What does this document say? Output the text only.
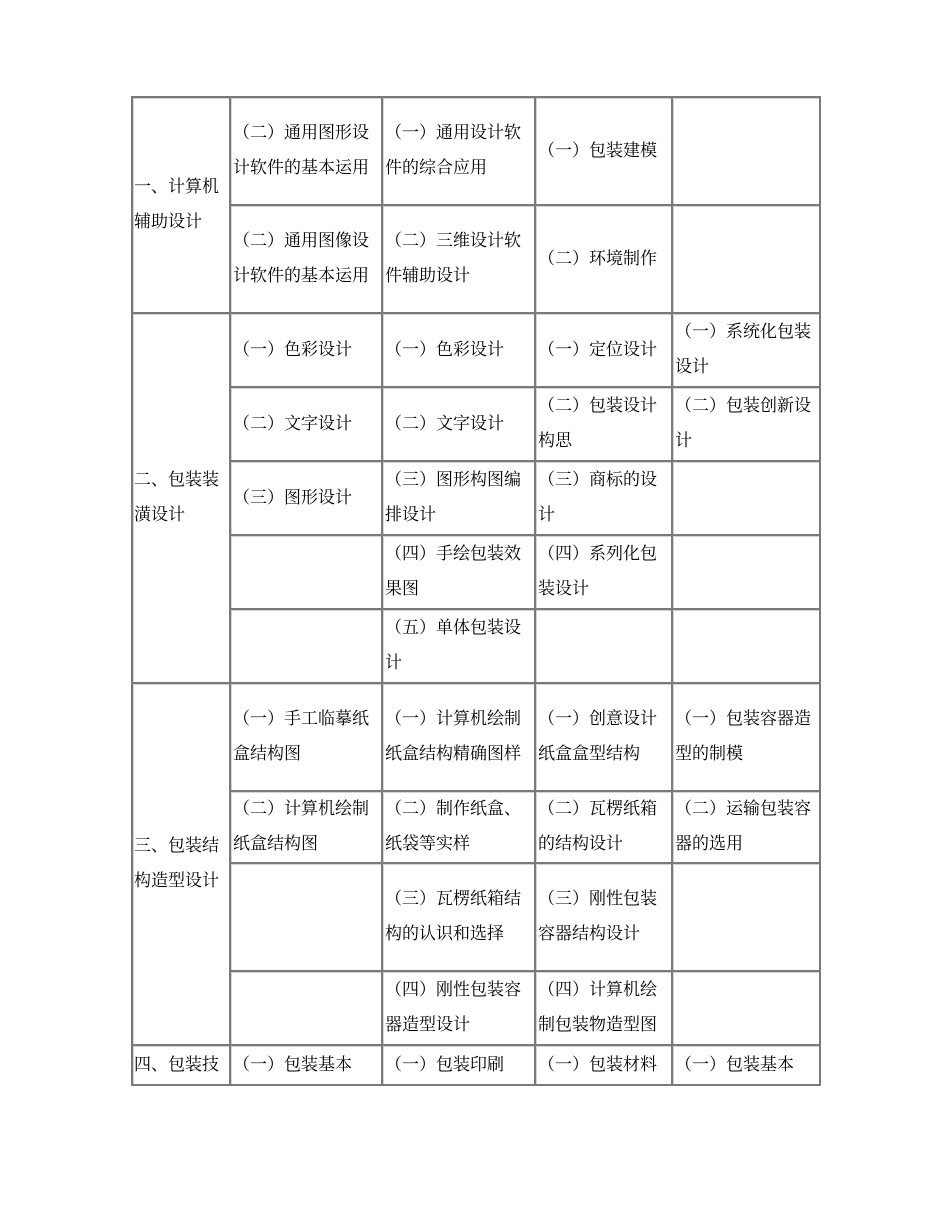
一、计算机辅助设计	（二）通用图形设计软件的基本运用	（一）通用设计软件的综合应用	（一）包装建模	
	（二）通用图像设计软件的基本运用	（二）三维设计软件辅助设计	（二）环境制作	
二、包装装潢设计	（一）色彩设计	（一）色彩设计	（一）定位设计	（一）系统化包装设计
	（二）文字设计	（二）文字设计	（二）包装设计构思	（二）包装创新设计
	（三）图形设计	（三）图形构图编排设计	（三）商标的设计	
		（四）手绘包装效果图	（四）系列化包装设计	
		（五）单体包装设计		
三、包装结构造型设计	（一）手工临摹纸盒结构图	（一）计算机绘制纸盒结构精确图样	（一）创意设计纸盒盒型结构	（一）包装容器造型的制模
	（二）计算机绘制纸盒结构图	（二）制作纸盒、纸袋等实样	（二）瓦楞纸箱的结构设计	（二）运输包装容器的选用
		（三）瓦楞纸箱结构的认识和选择	（三）刚性包装容器结构设计	
		（四）刚性包装容器造型设计	（四）计算机绘制包装物造型图	
四、包装技	（一）包装基本	（一）包装印刷	（一）包装材料	（一）包装基本
